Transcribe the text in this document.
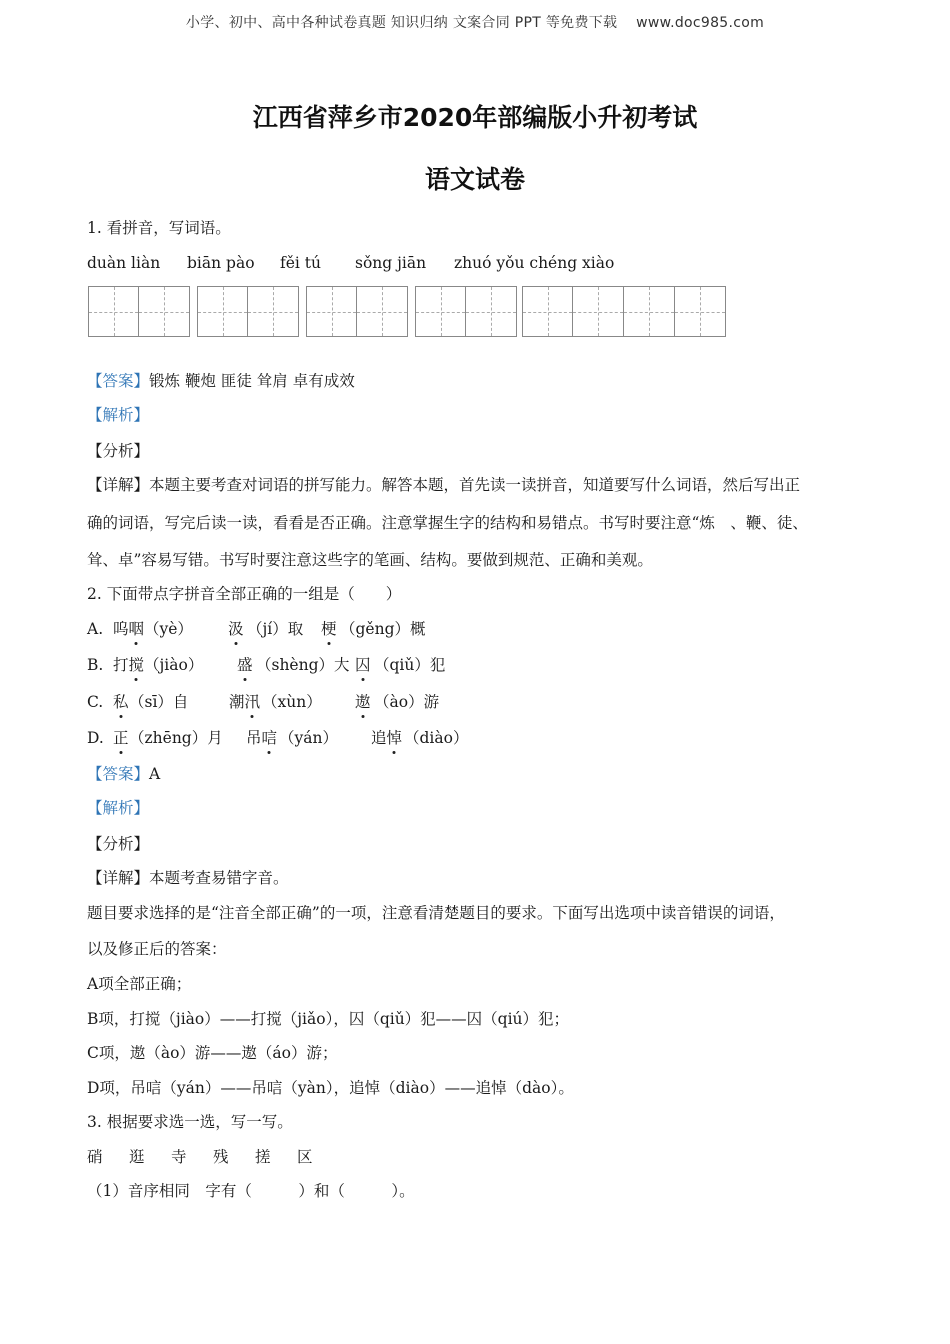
小学、初中、高中各种试卷真题 知识归纳 文案合同 PPT 等免费下载 www.doc985.com
江西省萍乡市2020年部编版小升初考试
语文试卷
1. 看拼音，写词语。
duàn liàn biān pào fěi tú sǒng jiān zhuó yǒu chéng xiào
【答案】锻炼 鞭炮 匪徒 耸肩 卓有成效
【解析】
【分析】
【详解】本题主要考查对词语的拼写能力。解答本题，首先读一读拼音，知道要写什么词语，然后写出正
确的词语，写完后读一读，看看是否正确。注意掌握生字的结构和易错点。书写时要注意“炼　、鞭、徒、
耸、卓”容易写错。书写时要注意这些字的笔画、结构。要做到规范、正确和美观。
2. 下面带点字拼音全部正确的一组是（　　）
A. 呜咽 （yè） 汲 （jí）取 梗 （gěng）概
B. 打搅 （jiào） 盛 （shèng）大 囚 （qiǔ）犯
C. 私 （sī）自	潮汛 （xùn） 遨 （ào）游
D. 正 （zhēng）月 吊唁 （yán） 追悼 （diào）
【答案】A
【解析】
【分析】
【详解】本题考查易错字音。
题目要求选择的是“注音全部正确”的一项，注意看清楚题目的要求。下面写出选项中读音错误的词语，
以及修正后的答案：
A项全部正确；
B项，打搅（jiào）——打搅（jiǎo），囚（qiǔ）犯——囚（qiú）犯；
C项，遨（ào）游——遨（áo）游；
D项，吊唁（yán）——吊唁（yàn），追悼（diào）——追悼（dào）。
3. 根据要求选一选，写一写。
硝 逛 寺 残 搓 区
（1）音序相同　字有（　　　）和（　　　）。
